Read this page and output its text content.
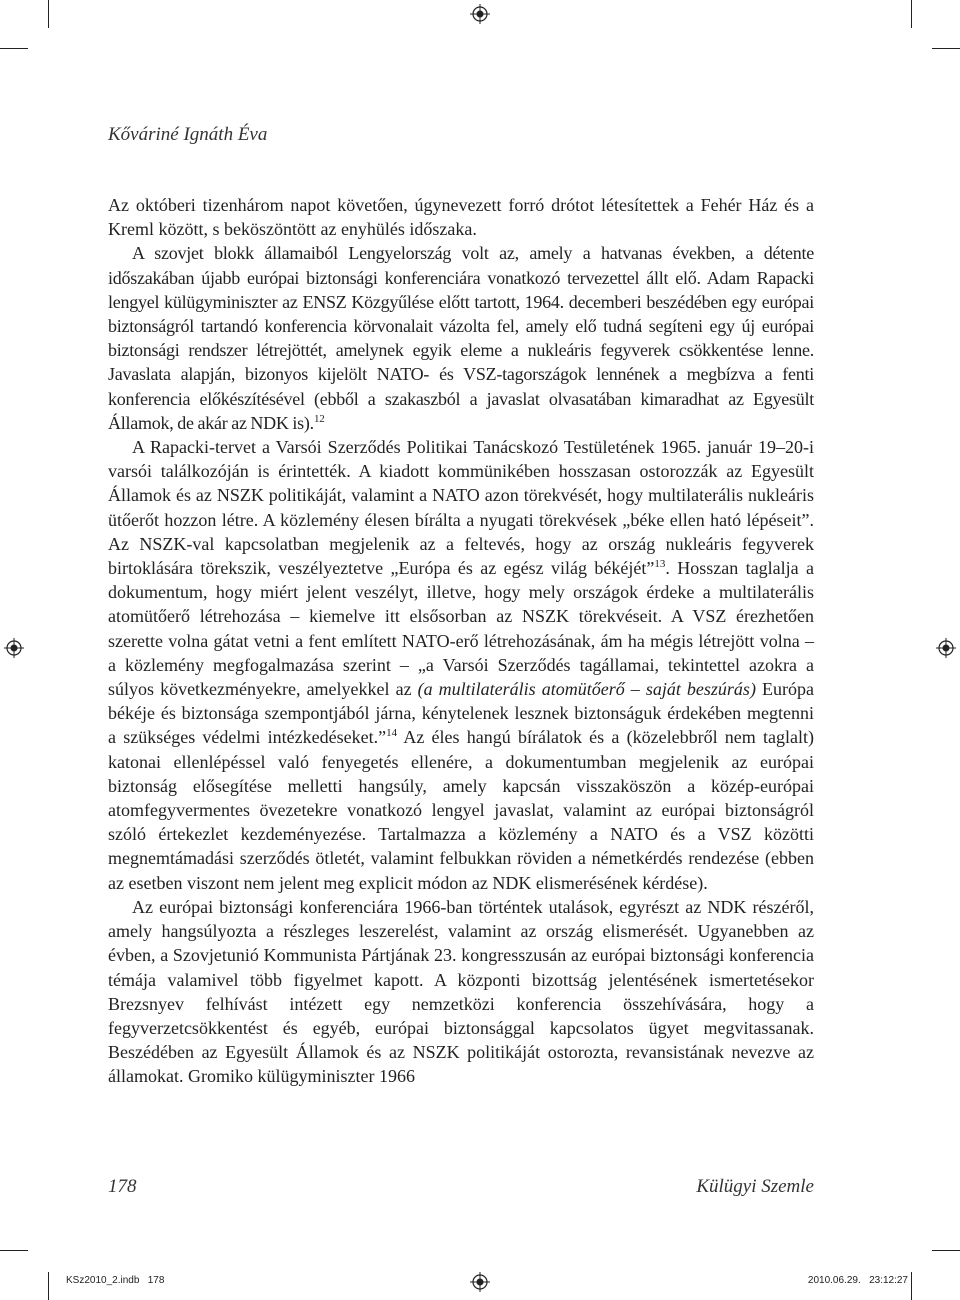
Kőváriné Ignáth Éva

Az októberi tizenhárom napot követően, úgynevezett forró drótot létesítettek a Fehér Ház és a Kreml között, s beköszöntött az enyhülés időszaka.

A szovjet blokk államaiból Lengyelország volt az, amely a hatvanas években, a détente időszakában újabb európai biztonsági konferenciára vonatkozó tervezettel állt elő. Adam Rapacki lengyel külügyminiszter az ENSZ Közgyűlése előtt tartott, 1964. decemberi beszédében egy európai biztonságról tartandó konferencia körvonalait vázolta fel, amely elő tudná segíteni egy új európai biztonsági rendszer létrejöttét, amelynek egyik eleme a nukleáris fegyverek csökkentése lenne. Javaslata alapján, bizonyos kijelölt NATO- és VSZ-tagországok lennének a megbízva a fenti konferencia előkészítésével (ebből a szakaszból a javaslat olvasatában kimaradhat az Egyesült Államok, de akár az NDK is).$^{12}$

A Rapacki-tervet a Varsói Szerződés Politikai Tanácskozó Testületének 1965. január 19–20-i varsói találkozóján is érintették. A kiadott kommünikében hosszasan ostorozzák az Egyesült Államok és az NSZK politikáját, valamint a NATO azon törekvését, hogy multilaterális nukleáris ütőerőt hozzon létre. A közlemény élesen bírálta a nyugati törekvések „béke ellen ható lépéseit”. Az NSZK-val kapcsolatban megjelenik az a feltevés, hogy az ország nukleáris fegyverek birtoklására törekszik, veszélyeztetve „Európa és az egész világ békéjét”$^{13}$. Hosszan taglalja a dokumentum, hogy miért jelent veszélyt, illetve, hogy mely országok érdeke a multilaterális atomütőerő létrehozása – kiemelve itt elsősorban az NSZK törekvéseit. A VSZ érezhetően szerette volna gátat vetni a fent említett NATO-erő létrehozásának, ám ha mégis létrejött volna – a közlemény megfogalmazása szerint – „a Varsói Szerződés tagállamai, tekintettel azokra a súlyos következményekre, amelyekkel az (a multilaterális atomütőerő – saját beszúrás) Európa békéje és biztonsága szempontjából járna, kénytelenek lesznek biztonságuk érdekében megtenni a szükséges védelmi intézkedéseket.”$^{14}$ Az éles hangú bírálatok és a (közelebbről nem taglalt) katonai ellenlépéssel való fenyegetés ellenére, a dokumentumban megjelenik az európai biztonság elősegítése melletti hangsúly, amely kapcsán visszaköszön a közép-európai atomfegyvermentes övezetekre vonatkozó lengyel javaslat, valamint az európai biztonságról szóló értekezlet kezdeményezése. Tartalmazza a közlemény a NATO és a VSZ közötti megnemtámadási szerződés ötletét, valamint felbukkan röviden a németkérdés rendezése (ebben az esetben viszont nem jelent meg explicit módon az NDK elismerésének kérdése).

Az európai biztonsági konferenciára 1966-ban történtek utalások, egyrészt az NDK részéről, amely hangsúlyozta a részleges leszerelést, valamint az ország elismerését. Ugyanebben az évben, a Szovjetunió Kommunista Pártjának 23. kongresszusán az európai biztonsági konferencia témája valamivel több figyelmet kapott. A központi bizottság jelentésének ismertetésekor Brezsnyev felhívást intézett egy nemzetközi konferencia összehívására, hogy a fegyverzetcsökkentést és egyéb, európai biztonsággal kapcsolatos ügyet megvitassanak. Beszédében az Egyesült Államok és az NSZK politikáját ostorozta, revansistának nevezve az államokat. Gromiko külügyminiszter 1966

178	Külügyi Szemle
KSz2010_2.indb   178	2010.06.29.   23:12:27
